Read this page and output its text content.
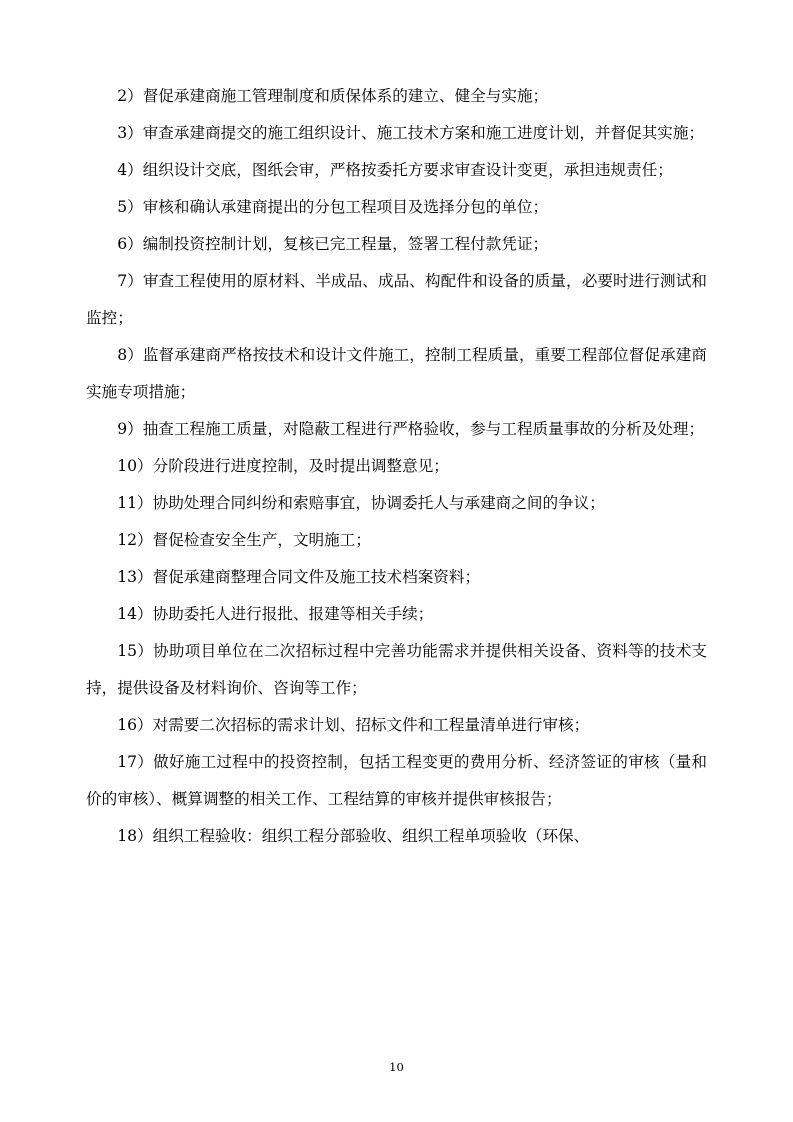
2）督促承建商施工管理制度和质保体系的建立、健全与实施；

3）审查承建商提交的施工组织设计、施工技术方案和施工进度计划，并督促其实施；

4）组织设计交底，图纸会审，严格按委托方要求审查设计变更，承担违规责任；

5）审核和确认承建商提出的分包工程项目及选择分包的单位；

6）编制投资控制计划，复核已完工程量，签署工程付款凭证；

7）审查工程使用的原材料、半成品、成品、构配件和设备的质量，必要时进行测试和监控；

8）监督承建商严格按技术和设计文件施工，控制工程质量，重要工程部位督促承建商实施专项措施；

9）抽查工程施工质量，对隐蔽工程进行严格验收，参与工程质量事故的分析及处理；

10）分阶段进行进度控制，及时提出调整意见；

11）协助处理合同纠纷和索赔事宜，协调委托人与承建商之间的争议；

12）督促检查安全生产，文明施工；

13）督促承建商整理合同文件及施工技术档案资料；

14）协助委托人进行报批、报建等相关手续；

15）协助项目单位在二次招标过程中完善功能需求并提供相关设备、资料等的技术支持，提供设备及材料询价、咨询等工作；

16）对需要二次招标的需求计划、招标文件和工程量清单进行审核；

17）做好施工过程中的投资控制，包括工程变更的费用分析、经济签证的审核（量和价的审核）、概算调整的相关工作、工程结算的审核并提供审核报告；

18）组织工程验收：组织工程分部验收、组织工程单项验收（环保、

10
